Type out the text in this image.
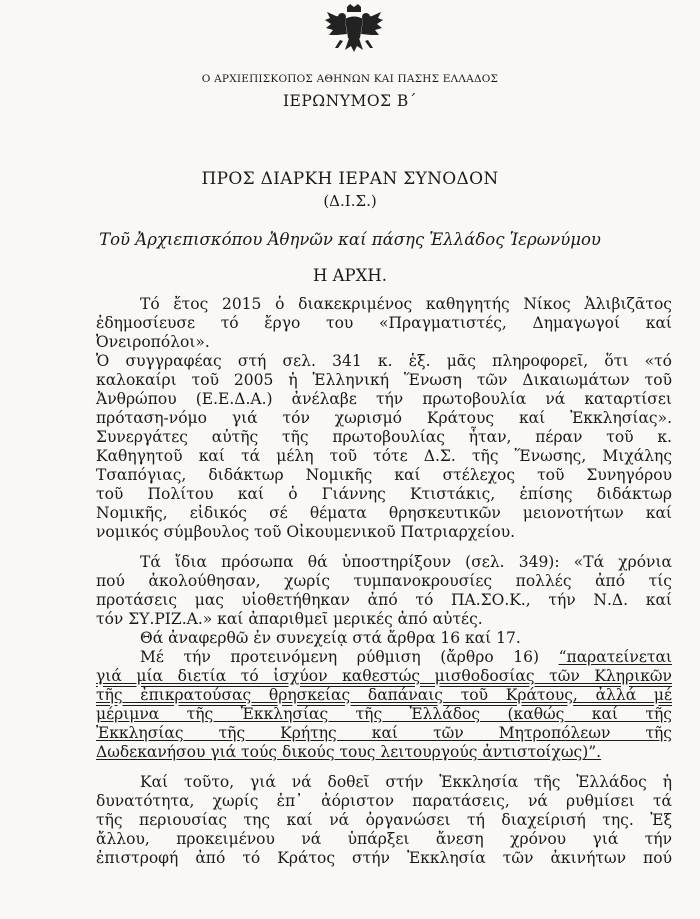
Ο ΑΡΧΙΕΠΙΣΚΟΠΟΣ ΑΘΗΝΩΝ ΚΑΙ ΠΑΣΗΣ ΕΛΛΑΔΟΣ
ΙΕΡΩΝΥΜΟΣ Β΄
ΠΡΟΣ ΔΙΑΡΚΗ ΙΕΡΑΝ ΣΥΝΟΔΟΝ
(Δ.Ι.Σ.)
Τοῦ Ἀρχιεπισκόπου Ἀθηνῶν καί πάσης Ἑλλάδος Ἱερωνύμου
Η ΑΡΧΗ.
Τό ἔτος 2015 ὁ διακεκριμένος καθηγητής Νίκος Ἀλιβιζᾶτος
ἐδημοσίευσε τό ἔργο του «Πραγματιστές, Δημαγωγοί καί
Ὀνειροπόλοι».
Ὁ συγγραφέας στή σελ. 341 κ. ἑξ. μᾶς πληροφορεῖ, ὅτι «τό
καλοκαίρι τοῦ 2005 ἡ Ἑλληνική Ἕνωση τῶν Δικαιωμάτων τοῦ
Ἀνθρώπου (Ε.Ε.Δ.Α.) ἀνέλαβε τήν πρωτοβουλία νά καταρτίσει
πρόταση-νόμο γιά τόν χωρισμό Κράτους καί Ἐκκλησίας».
Συνεργάτες αὐτῆς τῆς πρωτοβουλίας ἦταν, πέραν τοῦ κ.
Καθηγητοῦ καί τά μέλη τοῦ τότε Δ.Σ. τῆς Ἕνωσης, Μιχάλης
Τσαπόγιας, διδάκτωρ Νομικῆς καί στέλεχος τοῦ Συνηγόρου
τοῦ Πολίτου καί ὁ Γιάννης Κτιστάκις, ἐπίσης διδάκτωρ
Νομικῆς, εἰδικός σέ θέματα θρησκευτικῶν μειονοτήτων καί
νομικός σύμβουλος τοῦ Οἰκουμενικοῦ Πατριαρχείου.
Τά ἴδια πρόσωπα θά ὑποστηρίξουν (σελ. 349): «Τά χρόνια
πού ἀκολούθησαν, χωρίς τυμπανοκρουσίες πολλές ἀπό τίς
προτάσεις μας υἱοθετήθηκαν ἀπό τό ΠΑ.ΣΟ.Κ., τήν Ν.Δ. καί
τόν ΣΥ.ΡΙΖ.Α.» καί ἀπαριθμεῖ μερικές ἀπό αὐτές.
Θά ἀναφερθῶ ἐν συνεχείᾳ στά ἄρθρα 16 καί 17.
Μέ τήν προτεινόμενη ρύθμιση (ἄρθρο 16) “παρατείνεται
γιά μία διετία τό ἰσχύον καθεστώς μισθοδοσίας τῶν Κληρικῶν
τῆς ἐπικρατούσας θρησκείας δαπάναις τοῦ Κράτους, ἀλλά μέ
μέριμνα τῆς Ἐκκλησίας τῆς Ἑλλάδος (καθώς καί τῆς
Ἐκκλησίας τῆς Κρήτης καί τῶν Μητροπόλεων τῆς
Δωδεκανήσου γιά τούς δικούς τους λειτουργούς ἀντιστοίχως)”.
Καί τοῦτο, γιά νά δοθεῖ στήν Ἐκκλησία τῆς Ἑλλάδος ἡ
δυνατότητα, χωρίς ἐπ᾽ ἀόριστον παρατάσεις, νά ρυθμίσει τά
τῆς περιουσίας της καί νά ὀργανώσει τή διαχείρισή της. Ἐξ
ἄλλου, προκειμένου νά ὑπάρξει ἄνεση χρόνου γιά τήν
ἐπιστροφή ἀπό τό Κράτος στήν Ἐκκλησία τῶν ἀκινήτων πού
